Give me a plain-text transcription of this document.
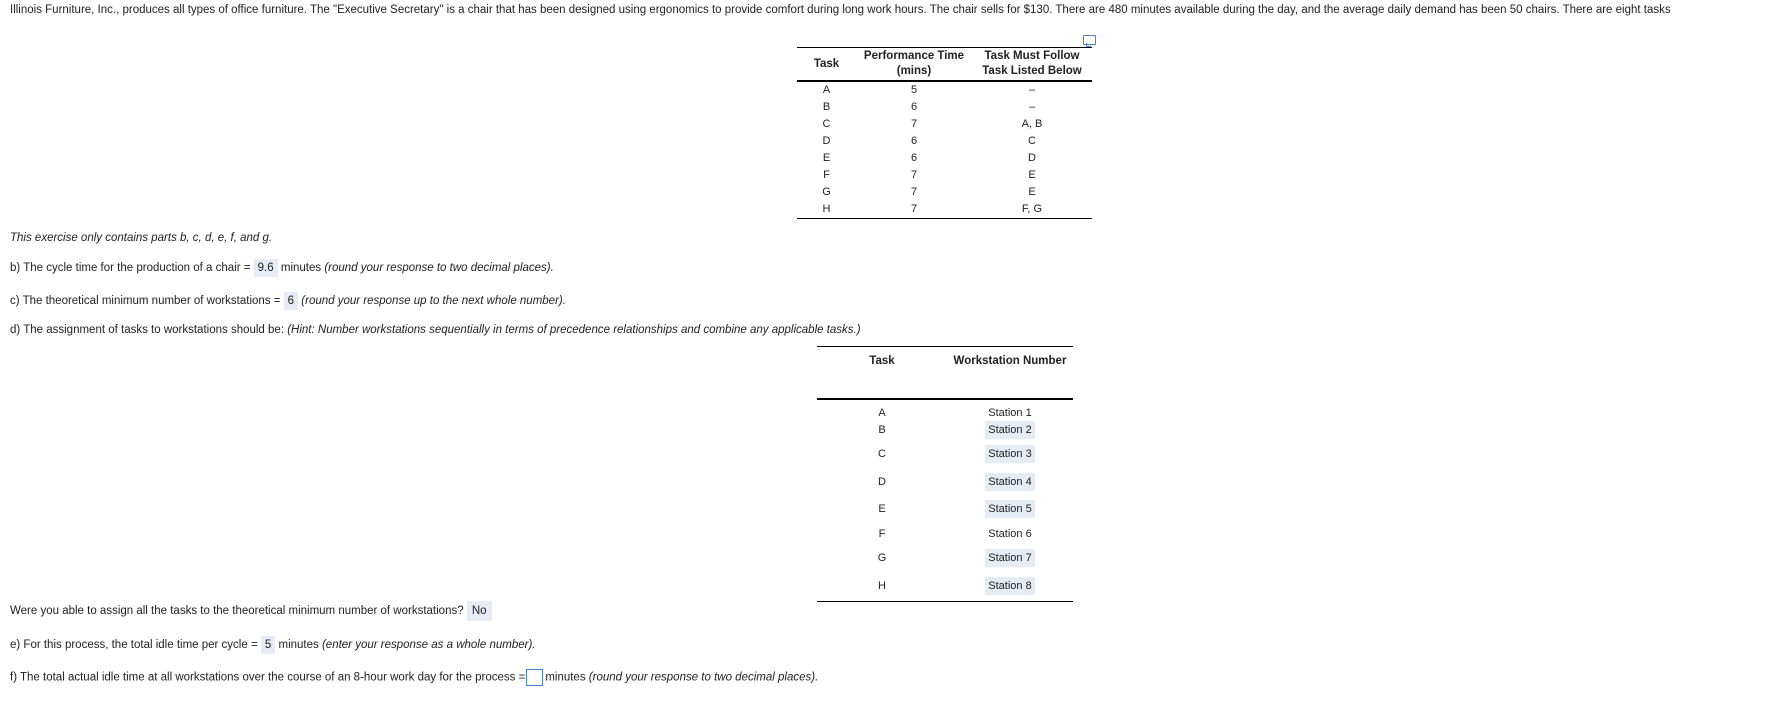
Illinois Furniture, Inc., produces all types of office furniture. The "Executive Secretary" is a chair that has been designed using ergonomics to provide comfort during long work hours. The chair sells for $130. There are 480 minutes available during the day, and the average daily demand has been 50 chairs. There are eight tasks
Task	Performance Time (mins)	Task Must Follow Task Listed Below
A	5	–
B	6	–
C	7	A, B
D	6	C
E	6	D
F	7	E
G	7	E
H	7	F, G
This exercise only contains parts b, c, d, e, f, and g.
b) The cycle time for the production of a chair = 9.6 minutes (round your response to two decimal places).
c) The theoretical minimum number of workstations = 6 (round your response up to the next whole number).
d) The assignment of tasks to workstations should be: (Hint: Number workstations sequentially in terms of precedence relationships and combine any applicable tasks.)
Task	Workstation Number
A	Station 1
B	Station 2
C	Station 3
D	Station 4
E	Station 5
F	Station 6
G	Station 7
H	Station 8
Were you able to assign all the tasks to the theoretical minimum number of workstations? No
e) For this process, the total idle time per cycle = 5 minutes (enter your response as a whole number).
f) The total actual idle time at all workstations over the course of an 8-hour work day for the process = minutes (round your response to two decimal places).
